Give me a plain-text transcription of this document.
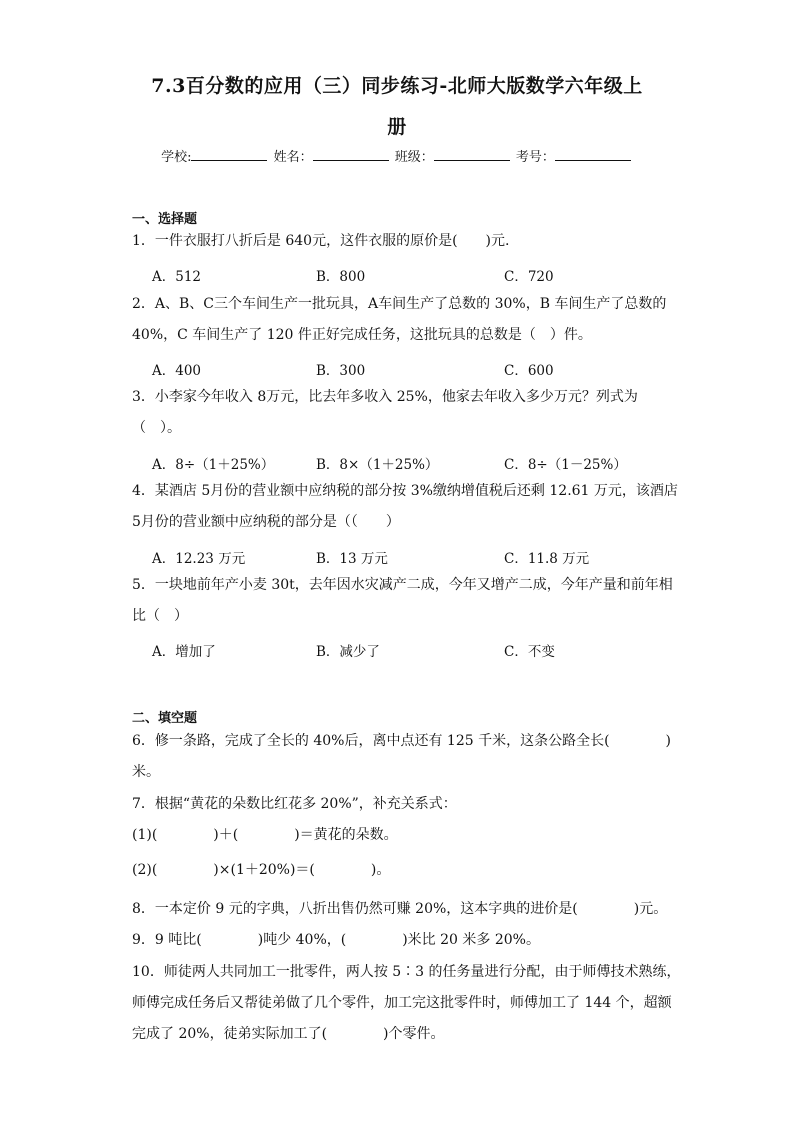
7.3百分数的应用（三）同步练习-北师大版数学六年级上
册
学校:	姓名：	班级：	考号：
一、选择题
1．一件衣服打八折后是 640元，这件衣服的原价是(　　)元.
A．512	B．800	C．720
2．A、B、C三个车间生产一批玩具，A车间生产了总数的 30%，B 车间生产了总数的
40%，C 车间生产了 120 件正好完成任务，这批玩具的总数是（　）件。
A．400	B．300	C．600
3．小李家今年收入 8万元，比去年多收入 25%，他家去年收入多少万元？列式为
（　）。
A．8÷（1＋25%）	B．8×（1＋25%）	C．8÷（1－25%）
4．某酒店 5月份的营业额中应纳税的部分按 3%缴纳增值税后还剩 12.61 万元，该酒店
5月份的营业额中应纳税的部分是（（　　）
A．12.23 万元	B．13 万元	C．11.8 万元
5．一块地前年产小麦 30t，去年因水灾减产二成，今年又增产二成，今年产量和前年相
比（　）
A．增加了	B．减少了	C．不变
二、填空题
6．修一条路，完成了全长的 40%后，离中点还有 125 千米，这条公路全长(　　　　)
米。
7．根据“黄花的朵数比红花多 20%”，补充关系式：
(1)(　　　　)＋(　　　　)＝黄花的朵数。
(2)(　　　　)×(1＋20%)＝(　　　　)。
8．一本定价 9 元的字典，八折出售仍然可赚 20%，这本字典的进价是(　　　　)元。
9．9 吨比(　　　　)吨少 40%，(　　　　)米比 20 米多 20%。
10．师徒两人共同加工一批零件，两人按 5∶3 的任务量进行分配，由于师傅技术熟练，
师傅完成任务后又帮徒弟做了几个零件，加工完这批零件时，师傅加工了 144 个，超额
完成了 20%，徒弟实际加工了(　　　　)个零件。
